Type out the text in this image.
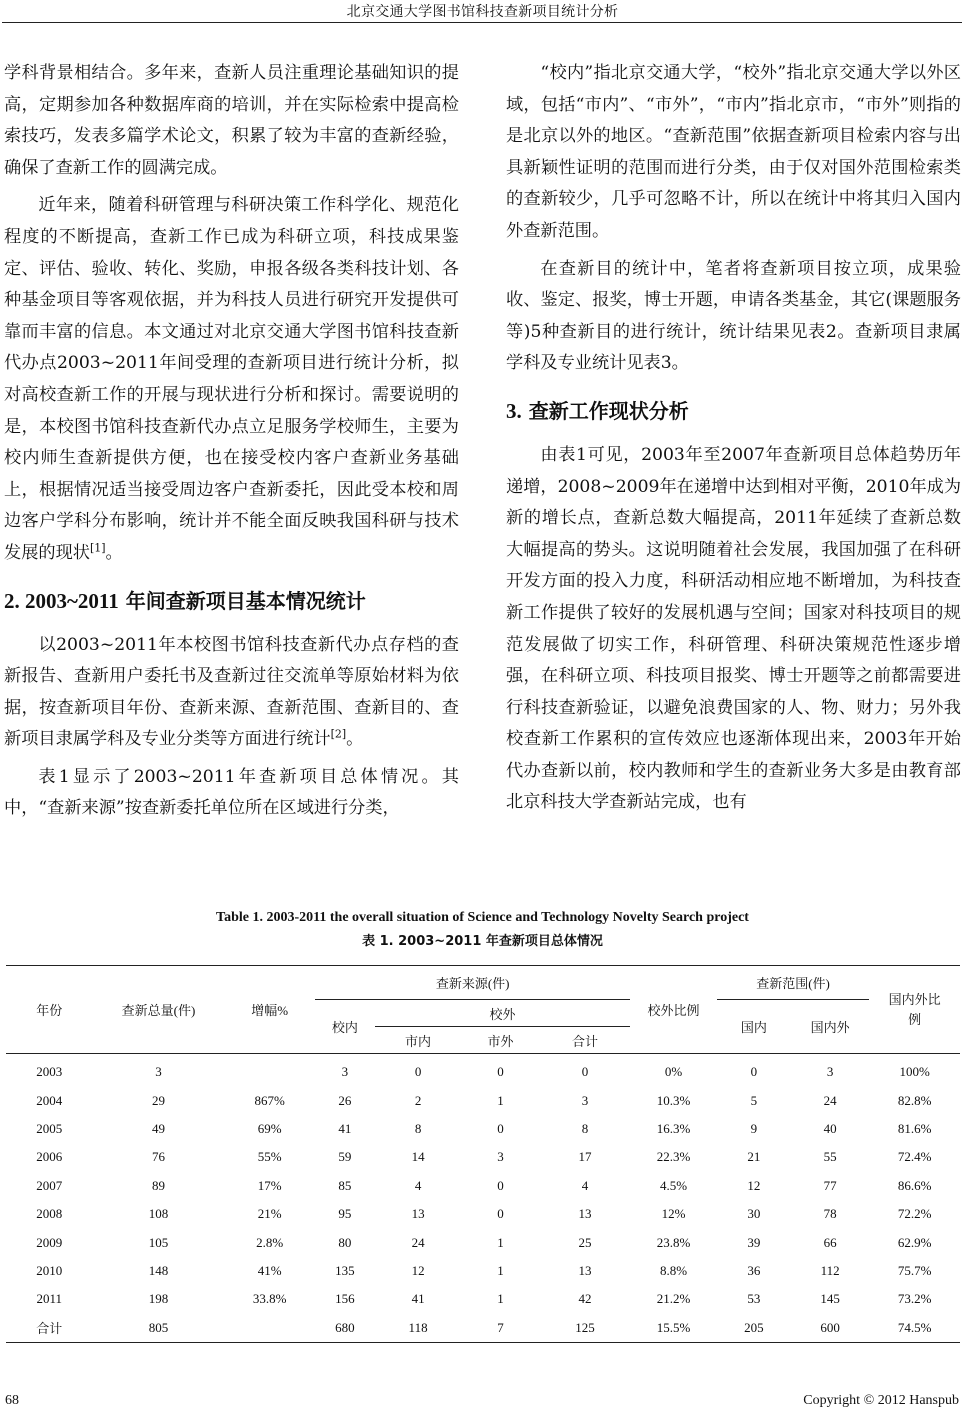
北京交通大学图书馆科技查新项目统计分析

学科背景相结合。多年来，查新人员注重理论基础知识的提高，定期参加各种数据库商的培训，并在实际检索中提高检索技巧，发表多篇学术论文，积累了较为丰富的查新经验，确保了查新工作的圆满完成。

近年来，随着科研管理与科研决策工作科学化、规范化程度的不断提高，查新工作已成为科研立项，科技成果鉴定、评估、验收、转化、奖励，申报各级各类科技计划、各种基金项目等客观依据，并为科技人员进行研究开发提供可靠而丰富的信息。本文通过对北京交通大学图书馆科技查新代办点2003~2011年间受理的查新项目进行统计分析，拟对高校查新工作的开展与现状进行分析和探讨。需要说明的是，本校图书馆科技查新代办点立足服务学校师生，主要为校内师生查新提供方便，也在接受校内客户查新业务基础上，根据情况适当接受周边客户查新委托，因此受本校和周边客户学科分布影响，统计并不能全面反映我国科研与技术发展的现状[1]。

2. 2003~2011 年间查新项目基本情况统计

以2003~2011年本校图书馆科技查新代办点存档的查新报告、查新用户委托书及查新过往交流单等原始材料为依据，按查新项目年份、查新来源、查新范围、查新目的、查新项目隶属学科及专业分类等方面进行统计[2]。

表1显示了2003~2011年查新项目总体情况。其中，“查新来源”按查新委托单位所在区域进行分类，

“校内”指北京交通大学，“校外”指北京交通大学以外区域，包括“市内”、“市外”，“市内”指北京市，“市外”则指的是北京以外的地区。“查新范围”依据查新项目检索内容与出具新颖性证明的范围而进行分类，由于仅对国外范围检索类的查新较少，几乎可忽略不计，所以在统计中将其归入国内外查新范围。

在查新目的统计中，笔者将查新项目按立项，成果验收、鉴定、报奖，博士开题，申请各类基金，其它(课题服务等)5种查新目的进行统计，统计结果见表2。查新项目隶属学科及专业统计见表3。

3. 查新工作现状分析

由表1可见，2003年至2007年查新项目总体趋势历年递增，2008~2009年在递增中达到相对平衡，2010年成为新的增长点，查新总数大幅提高，2011年延续了查新总数大幅提高的势头。这说明随着社会发展，我国加强了在科研开发方面的投入力度，科研活动相应地不断增加，为科技查新工作提供了较好的发展机遇与空间；国家对科技项目的规范发展做了切实工作，科研管理、科研决策规范性逐步增强，在科研立项、科技项目报奖、博士开题等之前都需要进行科技查新验证，以避免浪费国家的人、物、财力；另外我校查新工作累积的宣传效应也逐渐体现出来，2003年开始代办查新以前，校内教师和学生的查新业务大多是由教育部北京科技大学查新站完成，也有

Table 1. 2003-2011 the overall situation of Science and Technology Novelty Search project
表 1. 2003~2011 年查新项目总体情况
年份	查新总量(件)	增幅%	查新来源(件)				校外比例	查新范围(件)		国内外比例

			校内	校外				国内	国内外	
				市内	市外	合计				
2003	3		3	0	0	0	0%	0	3	100%
2004	29	867%	26	2	1	3	10.3%	5	24	82.8%
2005	49	69%	41	8	0	8	16.3%	9	40	81.6%
2006	76	55%	59	14	3	17	22.3%	21	55	72.4%
2007	89	17%	85	4	0	4	4.5%	12	77	86.6%
2008	108	21%	95	13	0	13	12%	30	78	72.2%
2009	105	2.8%	80	24	1	25	23.8%	39	66	62.9%
2010	148	41%	135	12	1	13	8.8%	36	112	75.7%
2011	198	33.8%	156	41	1	42	21.2%	53	145	73.2%
合计	805		680	118	7	125	15.5%	205	600	74.5%
68	Copyright © 2012 Hanspub
